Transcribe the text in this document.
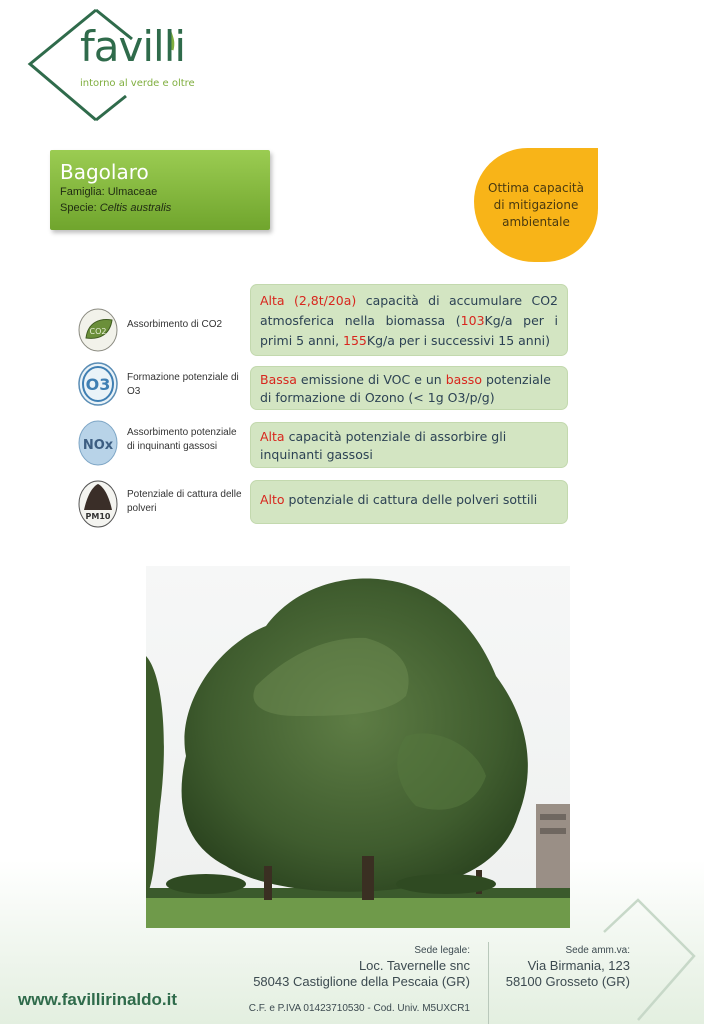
favilli
intorno al verde e oltre
Bagolaro
Famiglia: Ulmaceae
Specie: Celtis australis
Ottima capacità di mitigazione ambientale
CO2
Assorbimento di CO2
Alta (2,8t/20a) capacità di accumulare CO2 atmosferica nella biomassa (103Kg/a per i primi 5 anni, 155Kg/a per i successivi 15 anni)
O3 Formazione potenziale di O3
Bassa emissione di VOC e un basso potenziale di formazione di Ozono (< 1g O3/p/g)
NOx
Assorbimento potenziale di inquinanti gassosi
Alta capacità potenziale di assorbire gli inquinanti gassosi
PM10
Potenziale di cattura delle polveri
Alto potenziale di cattura delle polveri sottili
www.favillirinaldo.it
Sede legale:
Loc. Tavernelle snc
58043 Castiglione della Pescaia (GR)
C.F. e P.IVA 01423710530 - Cod. Univ. M5UXCR1
Sede amm.va:
Via Birmania, 123
58100 Grosseto (GR)
